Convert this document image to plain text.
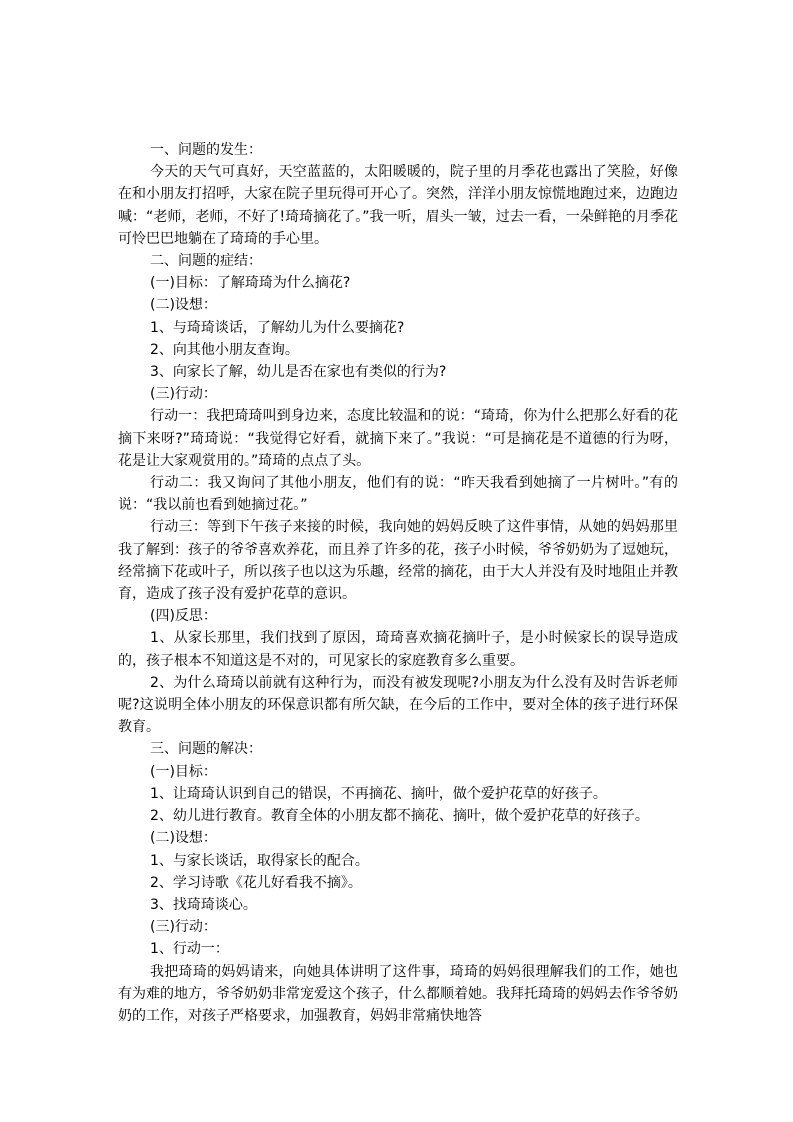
一、问题的发生：

今天的天气可真好，天空蓝蓝的，太阳暖暖的，院子里的月季花也露出了笑脸，好像在和小朋友打招呼，大家在院子里玩得可开心了。突然，洋洋小朋友惊慌地跑过来，边跑边喊：“老师，老师，不好了!琦琦摘花了。”我一听，眉头一皱，过去一看，一朵鲜艳的月季花可怜巴巴地躺在了琦琦的手心里。

二、问题的症结：

(一)目标：了解琦琦为什么摘花?

(二)设想：

1、与琦琦谈话，了解幼儿为什么要摘花?

2、向其他小朋友查询。

3、向家长了解，幼儿是否在家也有类似的行为?

(三)行动：

行动一：我把琦琦叫到身边来，态度比较温和的说：“琦琦，你为什么把那么好看的花摘下来呀?”琦琦说：“我觉得它好看，就摘下来了。”我说：“可是摘花是不道德的行为呀，花是让大家观赏用的。”琦琦的点点了头。

行动二：我又询问了其他小朋友，他们有的说：“昨天我看到她摘了一片树叶。”有的说：“我以前也看到她摘过花。”

行动三：等到下午孩子来接的时候，我向她的妈妈反映了这件事情，从她的妈妈那里我了解到：孩子的爷爷喜欢养花，而且养了许多的花，孩子小时候，爷爷奶奶为了逗她玩，经常摘下花或叶子，所以孩子也以这为乐趣，经常的摘花，由于大人并没有及时地阻止并教育，造成了孩子没有爱护花草的意识。

(四)反思：

1、从家长那里，我们找到了原因，琦琦喜欢摘花摘叶子，是小时候家长的误导造成的，孩子根本不知道这是不对的，可见家长的家庭教育多么重要。

2、为什么琦琦以前就有这种行为，而没有被发现呢?小朋友为什么没有及时告诉老师呢?这说明全体小朋友的环保意识都有所欠缺，在今后的工作中，要对全体的孩子进行环保教育。

三、问题的解决：

(一)目标：

1、让琦琦认识到自己的错误，不再摘花、摘叶，做个爱护花草的好孩子。

2、幼儿进行教育。教育全体的小朋友都不摘花、摘叶，做个爱护花草的好孩子。

(二)设想：

1、与家长谈话，取得家长的配合。

2、学习诗歌《花儿好看我不摘》。

3、找琦琦谈心。

(三)行动：

1、行动一：

我把琦琦的妈妈请来，向她具体讲明了这件事，琦琦的妈妈很理解我们的工作，她也有为难的地方，爷爷奶奶非常宠爱这个孩子，什么都顺着她。我拜托琦琦的妈妈去作爷爷奶奶的工作，对孩子严格要求，加强教育，妈妈非常痛快地答
